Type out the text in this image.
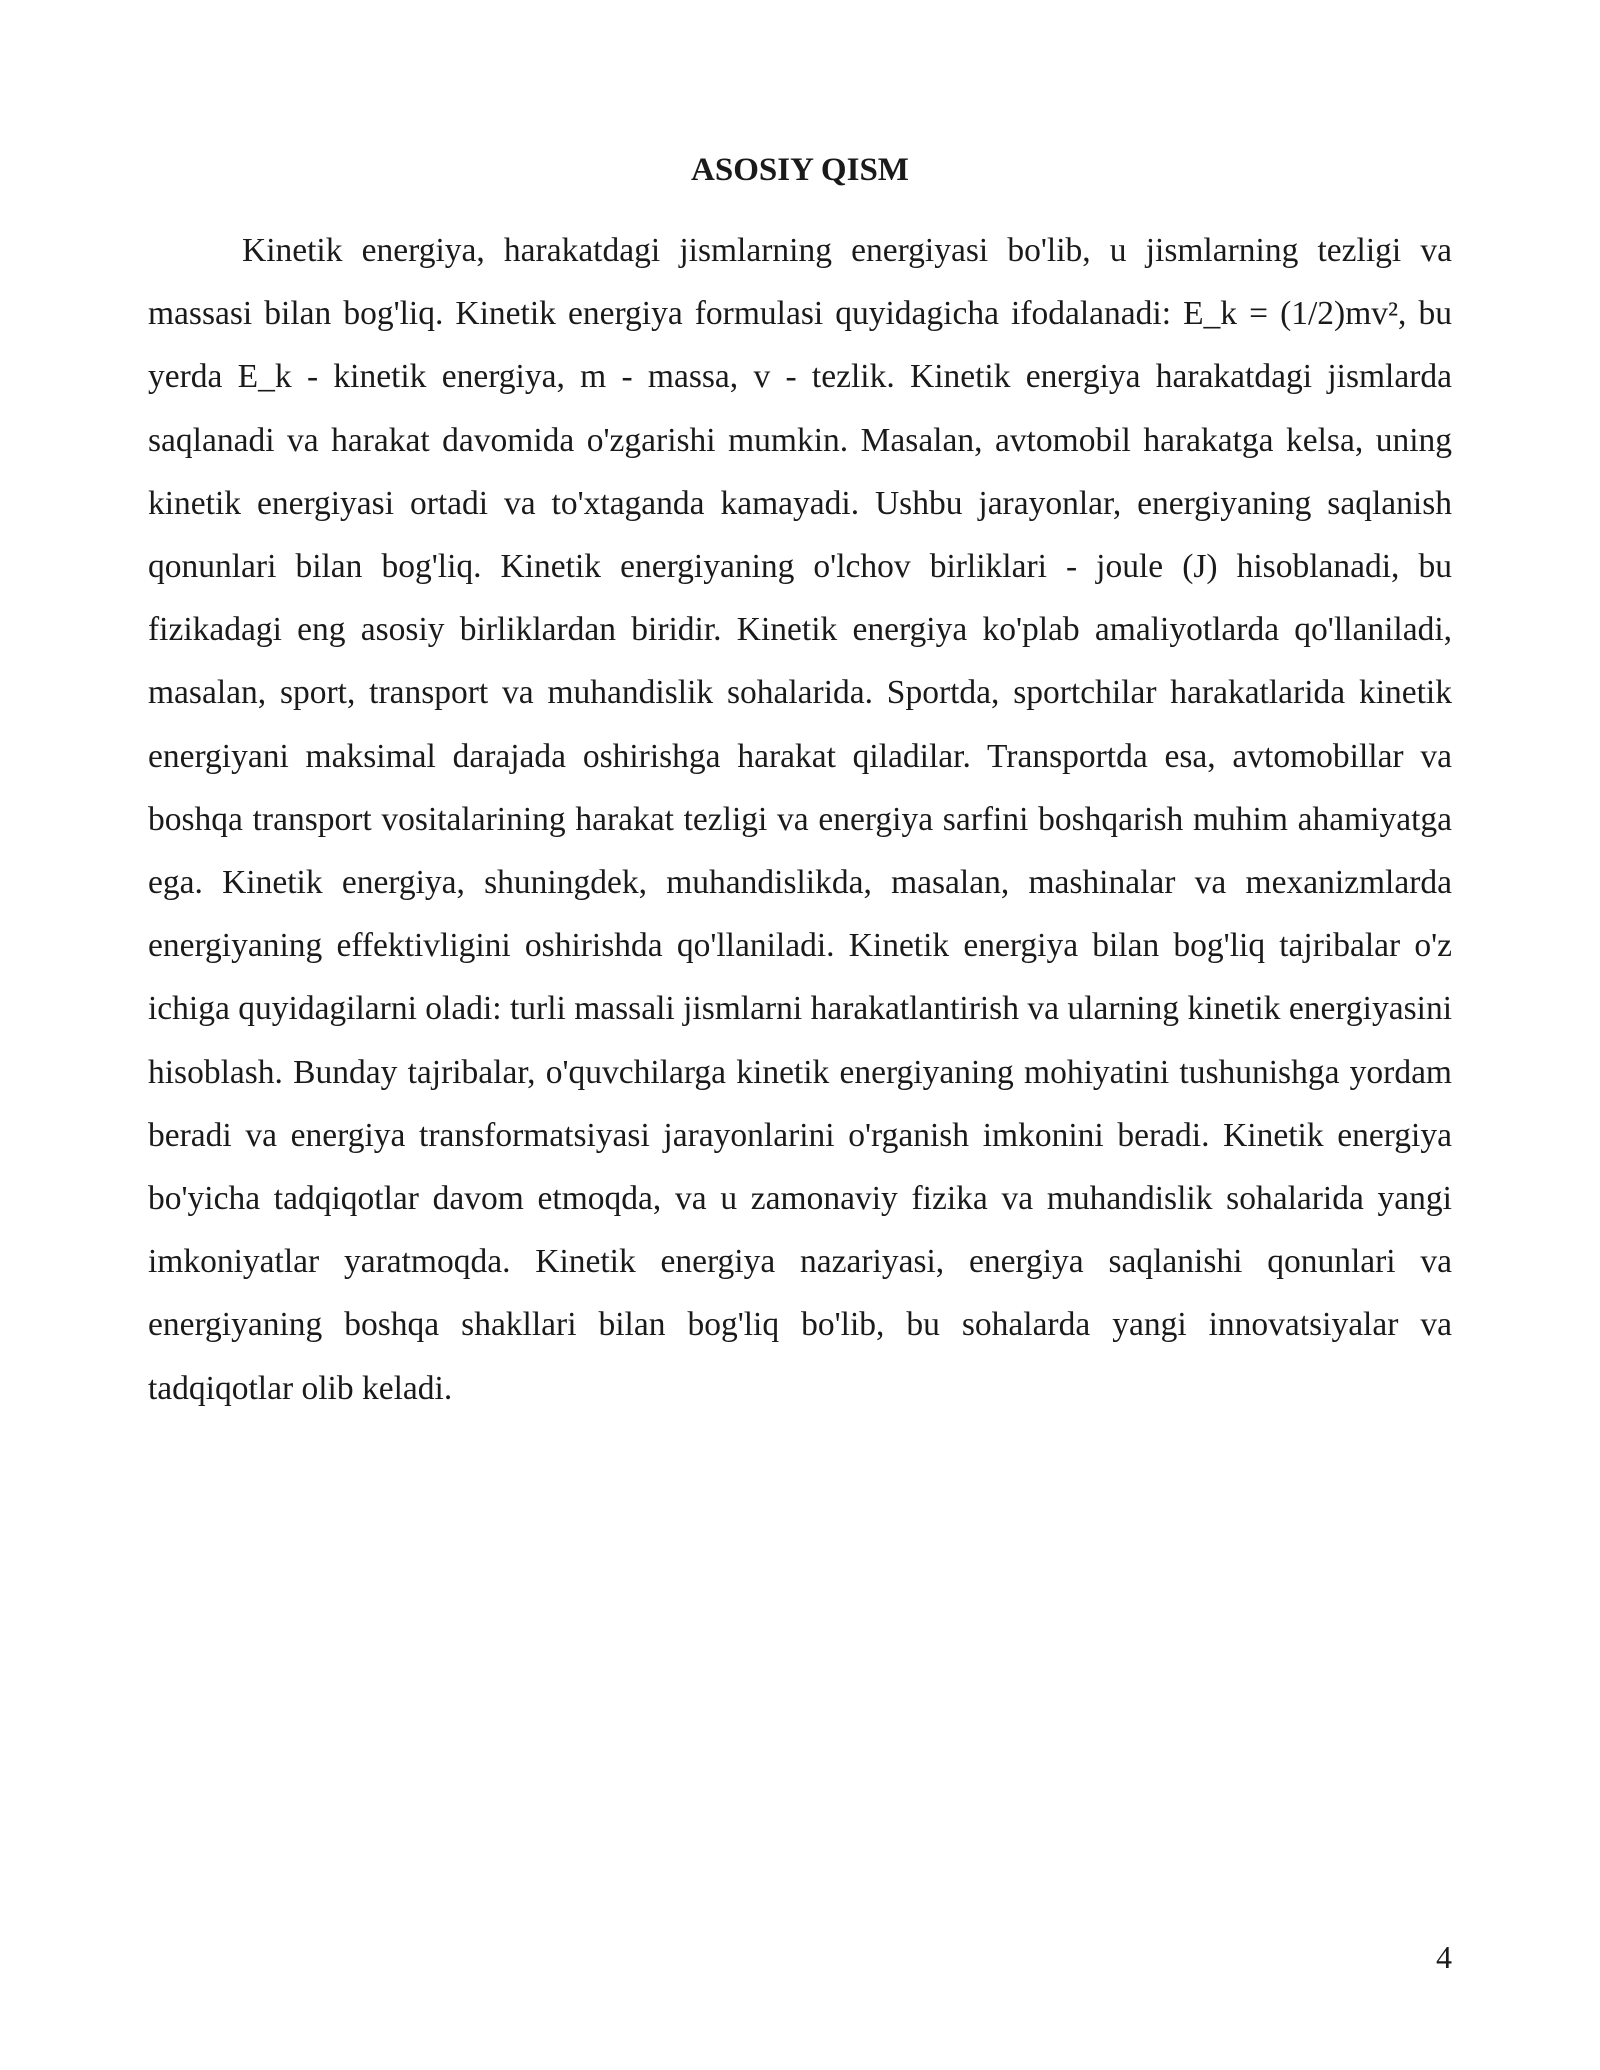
ASOSIY QISM

Kinetik energiya, harakatdagi jismlarning energiyasi bo'lib, u jismlarning tezligi va massasi bilan bog'liq. Kinetik energiya formulasi quyidagicha ifodalanadi: E_k = (1/2)mv², bu yerda E_k - kinetik energiya, m - massa, v - tezlik. Kinetik energiya harakatdagi jismlarda saqlanadi va harakat davomida o'zgarishi mumkin. Masalan, avtomobil harakatga kelsa, uning kinetik energiyasi ortadi va to'xtaganda kamayadi. Ushbu jarayonlar, energiyaning saqlanish qonunlari bilan bog'liq. Kinetik energiyaning o'lchov birliklari - joule (J) hisoblanadi, bu fizikadagi eng asosiy birliklardan biridir. Kinetik energiya ko'plab amaliyotlarda qo'llaniladi, masalan, sport, transport va muhandislik sohalarida. Sportda, sportchilar harakatlarida kinetik energiyani maksimal darajada oshirishga harakat qiladilar. Transportda esa, avtomobillar va boshqa transport vositalarining harakat tezligi va energiya sarfini boshqarish muhim ahamiyatga ega. Kinetik energiya, shuningdek, muhandislikda, masalan, mashinalar va mexanizmlarda energiyaning effektivligini oshirishda qo'llaniladi. Kinetik energiya bilan bog'liq tajribalar o'z ichiga quyidagilarni oladi: turli massali jismlarni harakatlantirish va ularning kinetik energiyasini hisoblash. Bunday tajribalar, o'quvchilarga kinetik energiyaning mohiyatini tushunishga yordam beradi va energiya transformatsiyasi jarayonlarini o'rganish imkonini beradi. Kinetik energiya bo'yicha tadqiqotlar davom etmoqda, va u zamonaviy fizika va muhandislik sohalarida yangi imkoniyatlar yaratmoqda. Kinetik energiya nazariyasi, energiya saqlanishi qonunlari va energiyaning boshqa shakllari bilan bog'liq bo'lib, bu sohalarda yangi innovatsiyalar va tadqiqotlar olib keladi.

4
